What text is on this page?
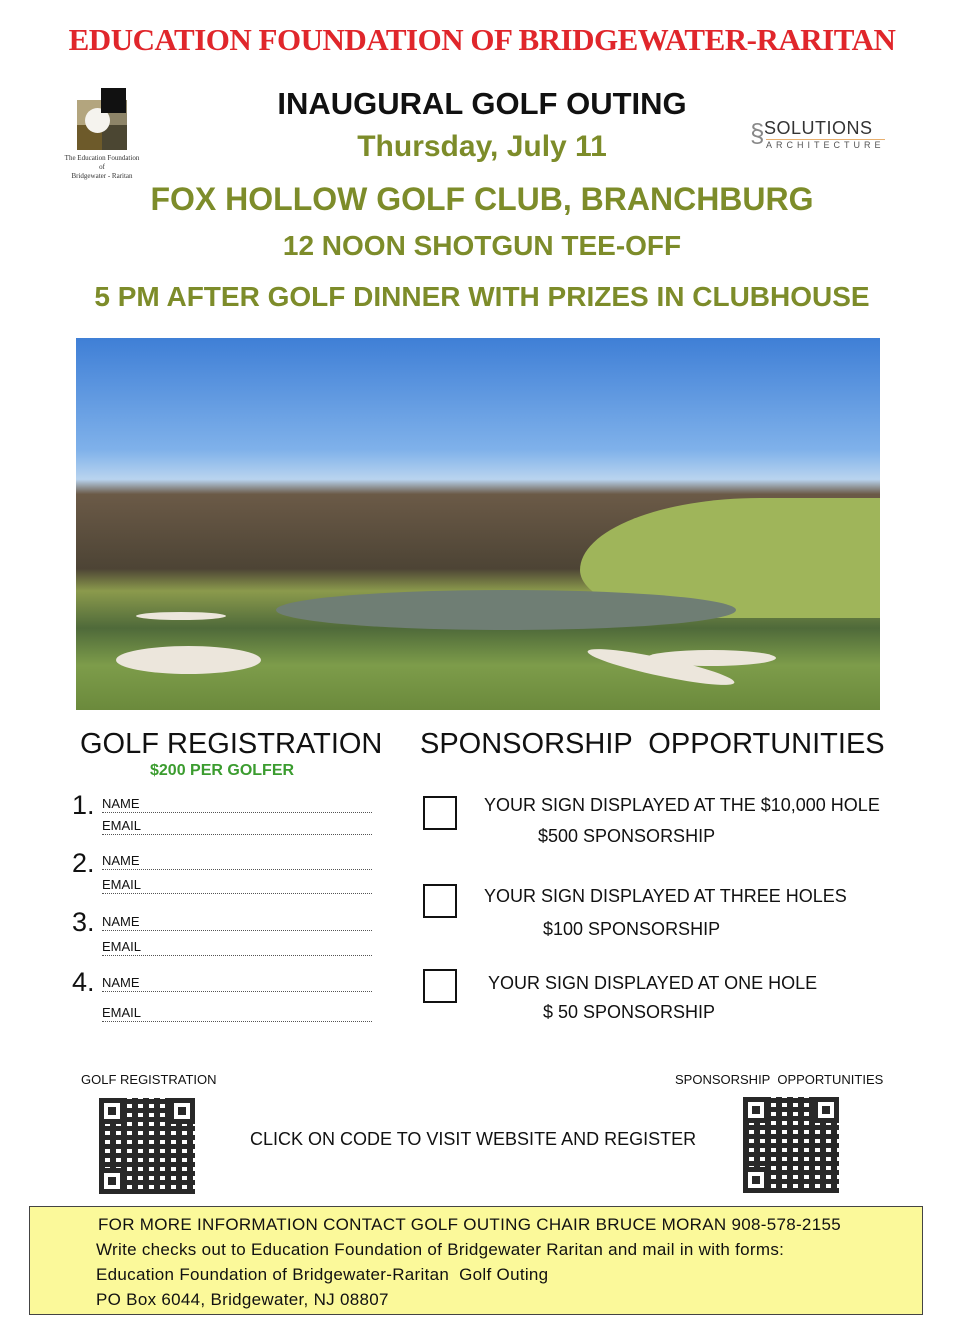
EDUCATION FOUNDATION OF BRIDGEWATER-RARITAN
The Education Foundation
of
Bridgewater - Raritan
INAUGURAL GOLF OUTING
Thursday, July 11	§ SOLUTIONS
ARCHITECTURE
FOX HOLLOW GOLF CLUB, BRANCHBURG
12 NOON SHOTGUN TEE-OFF
5 PM AFTER GOLF DINNER WITH PRIZES IN CLUBHOUSE
GOLF REGISTRATION
$200 PER GOLFER
1. NAME
EMAIL
2. NAME
EMAIL
3. NAME
EMAIL
4. NAME
EMAIL
SPONSORSHIP  OPPORTUNITIES
YOUR SIGN DISPLAYED AT THE $10,000 HOLE
$500 SPONSORSHIP
YOUR SIGN DISPLAYED AT THREE HOLES
$100 SPONSORSHIP
YOUR SIGN DISPLAYED AT ONE HOLE
$ 50 SPONSORSHIP
GOLF REGISTRATION	SPONSORSHIP  OPPORTUNITIES
CLICK ON CODE TO VISIT WEBSITE AND REGISTER
FOR MORE INFORMATION CONTACT GOLF OUTING CHAIR BRUCE MORAN 908-578-2155
Write checks out to Education Foundation of Bridgewater Raritan and mail in with forms:
Education Foundation of Bridgewater-Raritan  Golf Outing
PO Box 6044, Bridgewater, NJ 08807
